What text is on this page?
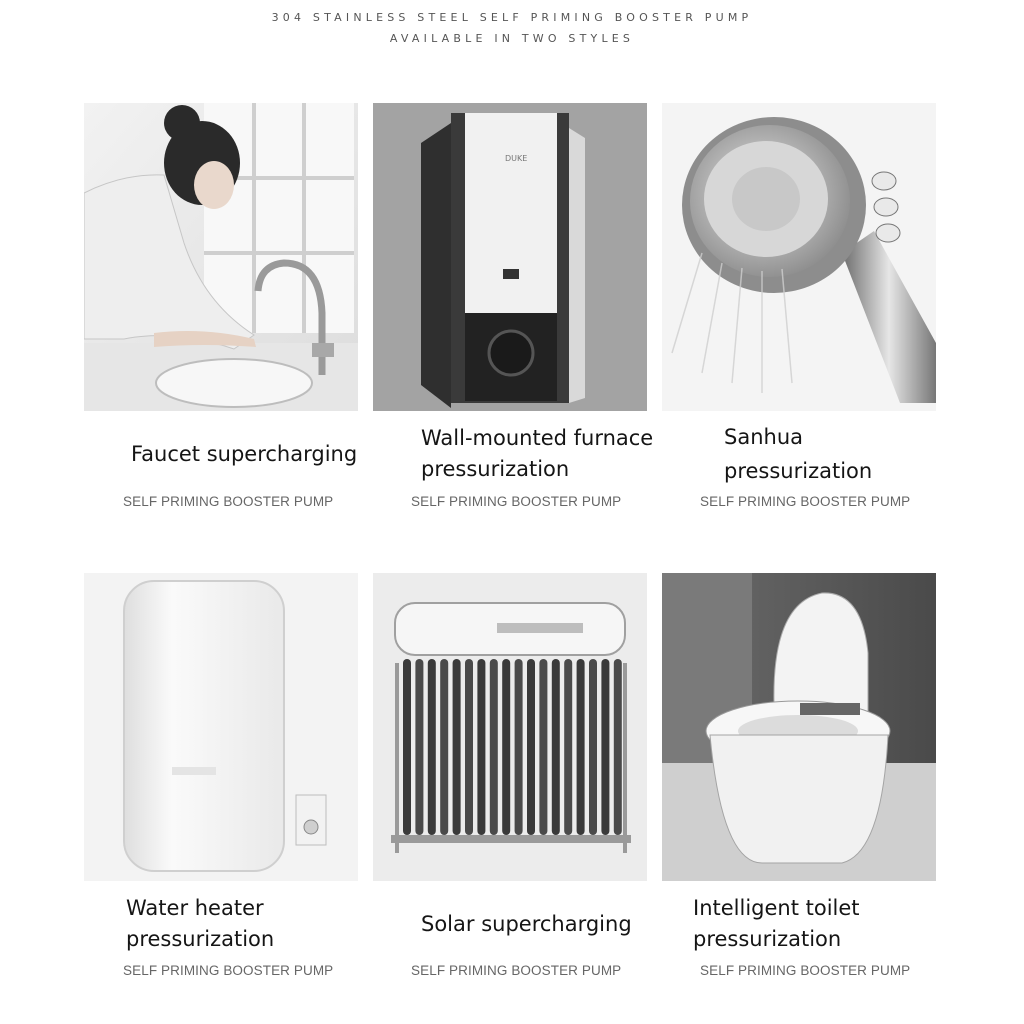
304 STAINLESS STEEL SELF PRIMING BOOSTER PUMP
AVAILABLE IN TWO STYLES
Faucet supercharging
SELF PRIMING BOOSTER PUMP
DUKE
Wall-mounted furnace
pressurization
SELF PRIMING BOOSTER PUMP
Sanhua
pressurization
SELF PRIMING BOOSTER PUMP
Water heater
pressurization
SELF PRIMING BOOSTER PUMP
Solar supercharging
SELF PRIMING BOOSTER PUMP
Intelligent toilet
pressurization
SELF PRIMING BOOSTER PUMP
